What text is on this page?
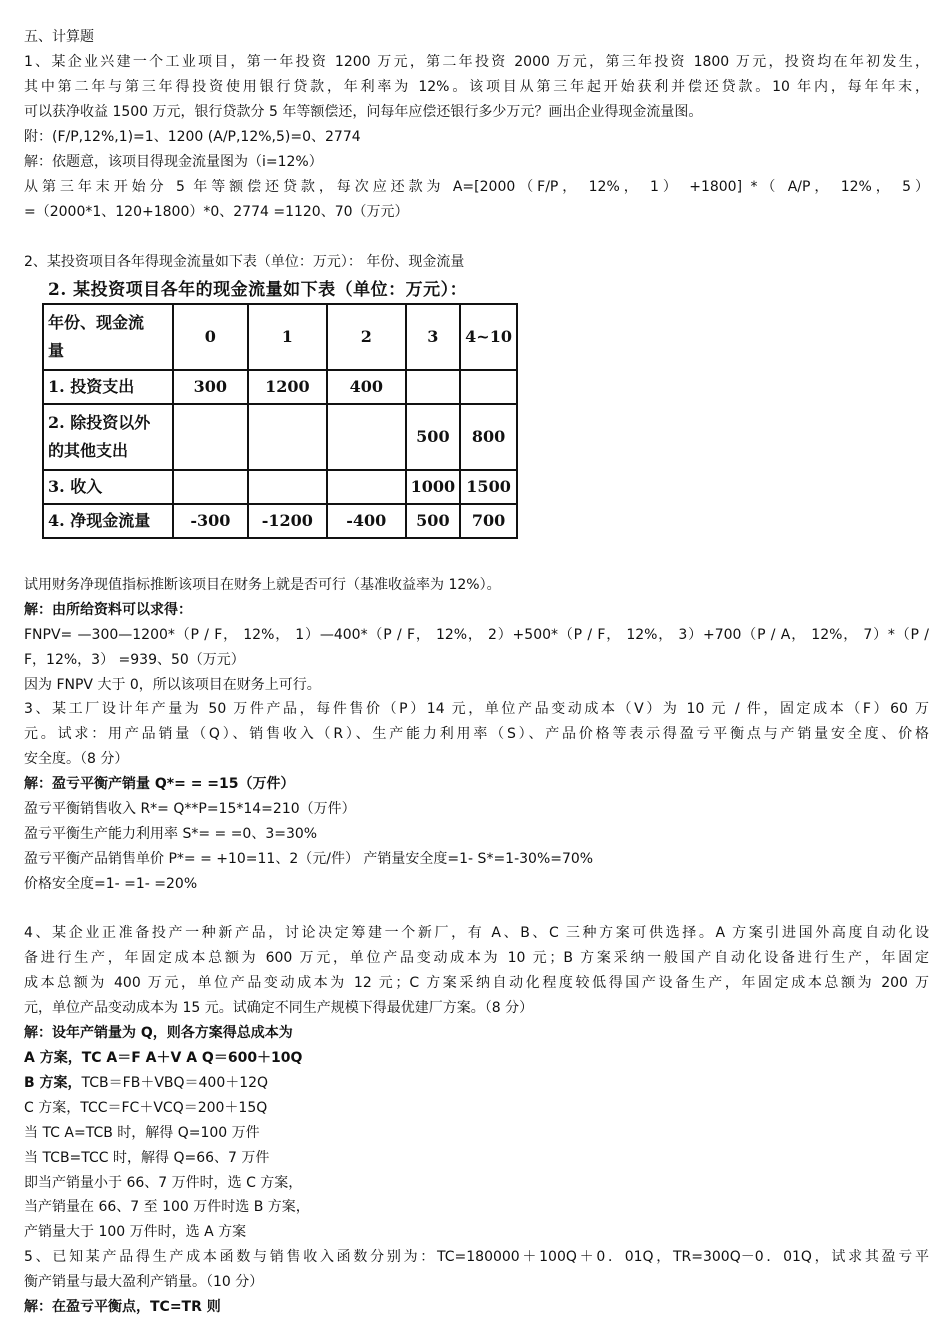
五、计算题
1、某企业兴建一个工业项目，第一年投资 1200 万元，第二年投资 2000 万元，第三年投资 1800 万元，投资均在年初发生，
其中第二年与第三年得投资使用银行贷款，年利率为 12%。该项目从第三年起开始获利并偿还贷款。10 年内，每年年末，
可以获净收益 1500 万元，银行贷款分 5 年等额偿还，问每年应偿还银行多少万元？画出企业得现金流量图。
附：(F/P,12%,1)=1、1200 (A/P,12%,5)=0、2774
解：依题意，该项目得现金流量图为（i=12%）
从第三年末开始分 5 年等额偿还贷款，每次应还款为 A=[2000（F/P， 12%， 1） +1800] *（ A/P， 12%， 5）
=（2000*1、120+1800）*0、2774 =1120、70（万元）
2、某投资项目各年得现金流量如下表（单位：万元）： 年份、现金流量
2. 某投资项目各年的现金流量如下表（单位：万元）：
年份、现金流
量	0	1	2	3	4~10
1. 投资支出	300	1200	400		

2. 除投资以外
的其他支出				500	800
3. 收入				1000	1500
4. 净现金流量	-300	-1200	-400	500	700
试用财务净现值指标推断该项目在财务上就是否可行（基准收益率为 12%）。
解：由所给资料可以求得：
FNPV= —300—1200*（P / F， 12%， 1）—400*（P / F， 12%， 2）+500*（P / F， 12%， 3）+700（P / A， 12%， 7）*（P /
F，12%，3） =939、50（万元）
因为 FNPV 大于 0，所以该项目在财务上可行。
3、某工厂设计年产量为 50 万件产品，每件售价（P）14 元，单位产品变动成本（V）为 10 元 / 件，固定成本（F）60 万
元。试求：用产品销量（Q）、销售收入（R）、生产能力利用率（S）、产品价格等表示得盈亏平衡点与产销量安全度、价格
安全度。（8 分）
解：盈亏平衡产销量 Q*= = =15（万件）
盈亏平衡销售收入 R*= Q**P=15*14=210（万件）
盈亏平衡生产能力利用率 S*= = =0、3=30%
盈亏平衡产品销售单价 P*= = +10=11、2（元/件） 产销量安全度=1- S*=1-30%=70%
价格安全度=1- =1- =20%
4、某企业正准备投产一种新产品，讨论决定筹建一个新厂，有 A、B、C 三种方案可供选择。A 方案引进国外高度自动化设
备进行生产，年固定成本总额为 600 万元，单位产品变动成本为 10 元；B 方案采纳一般国产自动化设备进行生产，年固定
成本总额为 400 万元，单位产品变动成本为 12 元；C 方案采纳自动化程度较低得国产设备生产，年固定成本总额为 200 万
元，单位产品变动成本为 15 元。试确定不同生产规模下得最优建厂方案。（8 分）
解：设年产销量为 Q，则各方案得总成本为
A 方案，TC A＝F A＋V A Q＝600＋10Q
B 方案，TCB＝FB＋VBQ＝400＋12Q
C 方案，TCC＝FC＋VCQ＝200＋15Q
当 TC A=TCB 时，解得 Q=100 万件
当 TCB=TCC 时，解得 Q=66、7 万件
即当产销量小于 66、7 万件时，选 C 方案，
当产销量在 66、7 至 100 万件时选 B 方案，
产销量大于 100 万件时，选 A 方案
5、已知某产品得生产成本函数与销售收入函数分别为：TC=180000＋100Q＋0．01Q，TR=300Q－0．01Q，试求其盈亏平
衡产销量与最大盈利产销量。（10 分）
解：在盈亏平衡点，TC=TR 则
